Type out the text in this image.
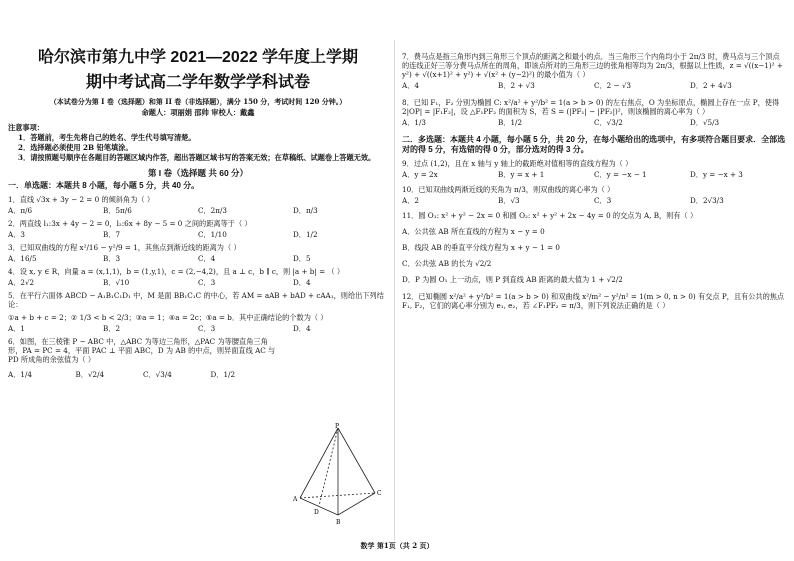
哈尔滨市第九中学 2021—2022 学年度上学期

期中考试高二学年数学学科试卷

（本试卷分为第 I 卷（选择题）和第 II 卷（非选择题），满分 150 分，考试时间 120 分钟。）

命题人：项丽娟 邵帅 审校人：戴鑫

注意事项：

1．答题前，考生先将自己的姓名、学生代号填写清楚。

2．选择题必须使用 2B 铅笔填涂。

3．请按照题号顺序在各题目的答题区域内作答，超出答题区域书写的答案无效；在草稿纸、试题卷上答题无效。

第 I 卷（选择题 共 60 分）

一．单选题：本题共 8 小题，每小题 5 分，共 40 分。

1．直线 √3x + 3y − 2 = 0 的倾斜角为（ ）
A．π/6	B．5π/6	C．2π/3	D．π/3
2．两直线 l₁:3x + 4y − 2 = 0，l₂:6x + 8y − 5 = 0 之间的距离等于（ ）
A．3	B．7	C．1/10	D．1/2
3．已知双曲线的方程 x²/16 − y²/9 = 1，其焦点到渐近线的距离为（ ）
A．16/5	B．3	C．4	D．5
4．设 x, y ∈ R，向量 a = (x,1,1)，b = (1,y,1)，c = (2,−4,2)，且 a ⊥ c，b ∥ c，则 |a + b| = （ ）
A．2√2	B．√10	C．3	D．4
5．在平行六面体 ABCD − A₁B₁C₁D₁ 中，M 是面 BB₁C₁C 的中心，若 AM = aAB + bAD + cAA₁，则给出下列结论：
①a + b + c = 2；② 1/3 < b < 2/3；③a = 1；④a = 2c；⑤a = b．其中正确结论的个数为（ ）
A．1	B．2	C．3	D．4
6．如图，在三棱锥 P − ABC 中，△ABC 为等边三角形，△PAC 为等腰直角三角形，PA = PC = 4，平面 PAC ⊥ 平面 ABC，D 为 AB 的中点，则异面直线 AC 与 PD 所成角的余弦值为（ ）
A．1/4	B．√2/4	C．√3/4	D．1/2
P
A
B
C
D
7．费马点是指三角形内到三角形三个顶点的距离之和最小的点．当三角形三个内角均小于 2π/3 时，费马点与三个顶点的连线正好三等分费马点所在的周角，即该点所对的三角形三边的张角相等均为 2π/3，根据以上性质，z = √((x−1)² + y²) + √((x+1)² + y²) + √(x² + (y−2)²) 的最小值为（ ）
A．4	B．2 + √3	C．2 − √3	D．2 + 4√3
8．已知 F₁，F₂ 分别为椭圆 C: x²/a² + y²/b² = 1(a > b > 0) 的左右焦点，O 为坐标原点，椭圆上存在一点 P，使得 2|OP| = |F₁F₂|，设 △F₁PF₂ 的面积为 S，若 S = (|PF₁| − |PF₂|)²，则该椭圆的离心率为（ ）
A．1/3	B．1/2	C．√3/2	D．√5/3

二．多选题：本题共 4 小题，每小题 5 分，共 20 分，在每小题给出的选项中，有多项符合题目要求．全部选对的得 5 分，有选错的得 0 分，部分选对的得 3 分。

9．过点 (1,2)，且在 x 轴与 y 轴上的截距绝对值相等的直线方程为（ ）
A．y = 2x	B．y = x + 1	C．y = −x − 1	D．y = −x + 3
10．已知双曲线两渐近线的夹角为 π/3，则双曲线的离心率为（ ）
A．2	B．√3	C．3	D．2√3/3
11．圆 O₁: x² + y² − 2x = 0 和圆 O₂: x² + y² + 2x − 4y = 0 的交点为 A, B，则有（ ）
A．公共弦 AB 所在直线的方程为 x − y = 0
B．线段 AB 的垂直平分线方程为 x + y − 1 = 0
C．公共弦 AB 的长为 √2/2
D．P 为圆 O₁ 上一动点，则 P 到直线 AB 距离的最大值为 1 + √2/2
12．已知椭圆 x²/a² + y²/b² = 1(a > b > 0) 和双曲线 x²/m² − y²/n² = 1(m > 0, n > 0) 有交点 P，且有公共的焦点 F₁, F₂，它们的离心率分别为 e₁, e₂，若 ∠F₁PF₂ = π/3，则下列说法正确的是（ ）
数学 第1页（共 2 页）
